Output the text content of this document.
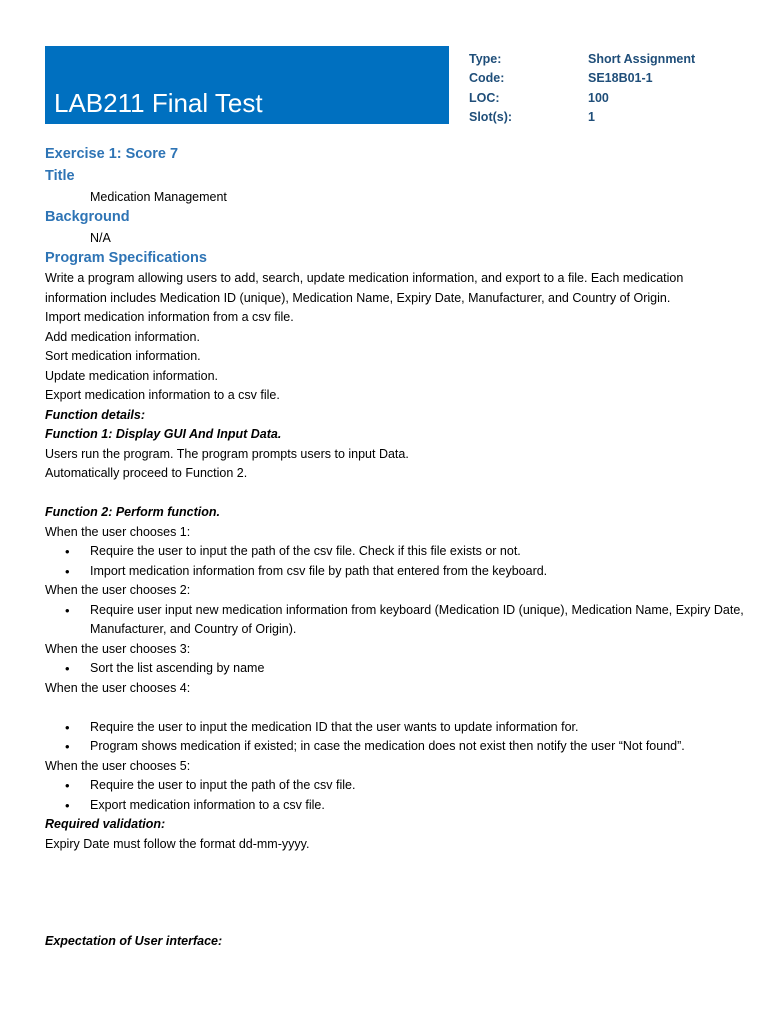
LAB211 Final Test
Type:	Short Assignment
Code:	SE18B01-1
LOC:	100
Slot(s):	1
Exercise 1: Score 7
Title
Medication Management
Background
N/A
Program Specifications
Write a program allowing users to add, search, update medication information, and export to a file. Each medication
information includes Medication ID (unique), Medication Name, Expiry Date, Manufacturer, and Country of Origin.
Import medication information from a csv file.
Add medication information.
Sort medication information.
Update medication information.
Export medication information to a csv file.
Function details:
Function 1: Display GUI And Input Data.
Users run the program. The program prompts users to input Data.
Automatically proceed to Function 2.
Function 2: Perform function.
When the user chooses 1:
• Require the user to input the path of the csv file. Check if this file exists or not.
• Import medication information from csv file by path that entered from the keyboard.
When the user chooses 2:
• Require user input new medication information from keyboard (Medication ID (unique), Medication Name, Expiry Date, Manufacturer, and Country of Origin).
When the user chooses 3:
• Sort the list ascending by name
When the user chooses 4:
• Require the user to input the medication ID that the user wants to update information for.
• Program shows medication if existed; in case the medication does not exist then notify the user “Not found”.
When the user chooses 5:
• Require the user to input the path of the csv file.
• Export medication information to a csv file.
Required validation:
Expiry Date must follow the format dd-mm-yyyy.
Expectation of User interface:
